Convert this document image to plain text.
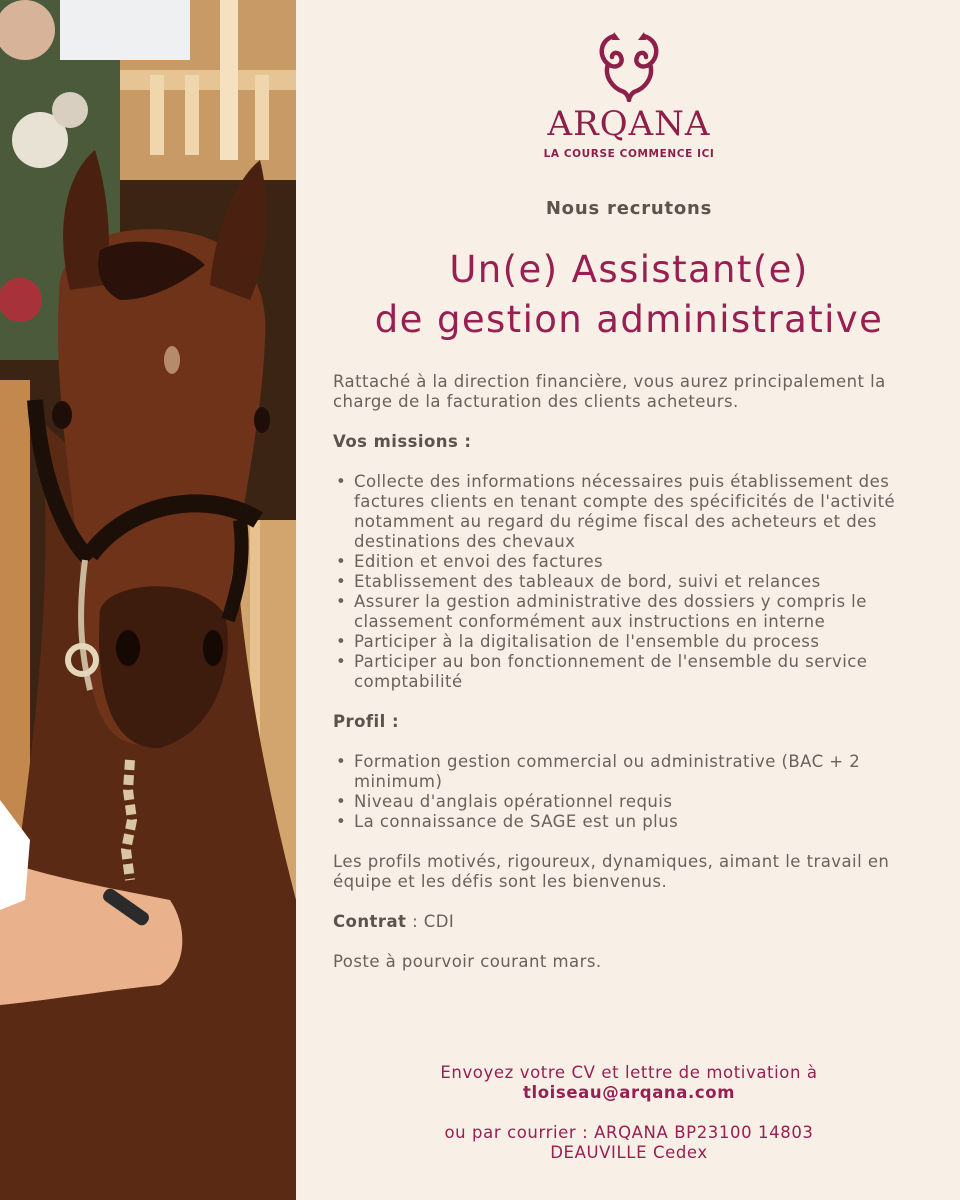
ARQANA
LA COURSE COMMENCE ICI
Nous recrutons
Un(e) Assistant(e)
de gestion administrative

Rattaché à la direction financière, vous aurez principalement la charge de la facturation des clients acheteurs.

Vos missions :

• Collecte des informations nécessaires puis établissement des factures clients en tenant compte des spécificités de l'activité notamment au regard du régime fiscal des acheteurs et des destinations des chevaux
• Edition et envoi des factures
• Etablissement des tableaux de bord, suivi et relances
• Assurer la gestion administrative des dossiers y compris le classement conformément aux instructions en interne
• Participer à la digitalisation de l'ensemble du process
• Participer au bon fonctionnement de l'ensemble du service comptabilité

Profil :

• Formation gestion commercial ou administrative (BAC + 2 minimum)
• Niveau d'anglais opérationnel requis
• La connaissance de SAGE est un plus

Les profils motivés, rigoureux, dynamiques, aimant le travail en équipe et les défis sont les bienvenus.

Contrat : CDI

Poste à pourvoir courant mars.

Envoyez votre CV et lettre de motivation à
tloiseau@arqana.com
ou par courrier : ARQANA BP23100 14803
DEAUVILLE Cedex
